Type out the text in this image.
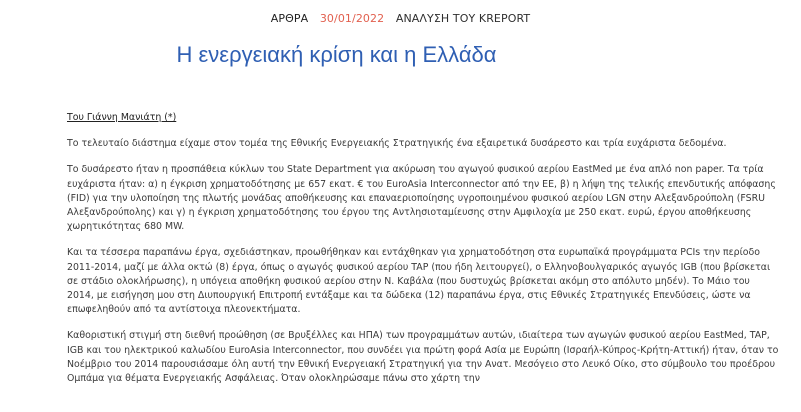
ΑΡΘΡΑ 30/01/2022 ΑΝΑΛΥΣΗ ΤΟΥ KREPORT
Η ενεργειακή κρίση και η Ελλάδα

Του Γιάννη Μανιάτη (*)

Το τελευταίο διάστημα είχαμε στον τομέα της Εθνικής Ενεργειακής Στρατηγικής ένα εξαιρετικά δυσάρεστο και τρία ευχάριστα δεδομένα.

Το δυσάρεστο ήταν η προσπάθεια κύκλων του State Department για ακύρωση του αγωγού φυσικού αερίου EastMed με ένα απλό non paper. Τα τρία ευχάριστα ήταν: α) η έγκριση χρηματοδότησης με 657 εκατ. € του EuroAsia Interconnector από την ΕΕ, β) η λήψη της τελικής επενδυτικής απόφασης (FID) για την υλοποίηση της πλωτής μονάδας αποθήκευσης και επαναεριοποίησης υγροποιημένου φυσικού αερίου LGN στην Αλεξανδρούπολη (FSRU Αλεξανδρούπολης) και γ) η έγκριση χρηματοδότησης του έργου της Αντλησιοταμίευσης στην Αμφιλοχία με 250 εκατ. ευρώ, έργου αποθήκευσης χωρητικότητας 680 MW.

Και τα τέσσερα παραπάνω έργα, σχεδιάστηκαν, προωθήθηκαν και εντάχθηκαν για χρηματοδότηση στα ευρωπαϊκά προγράμματα PCIs την περίοδο 2011-2014, μαζί με άλλα οκτώ (8) έργα, όπως ο αγωγός φυσικού αερίου TAP (που ήδη λειτουργεί), ο Ελληνοβουλγαρικός αγωγός IGB (που βρίσκεται σε στάδιο ολοκλήρωσης), η υπόγεια αποθήκη φυσικού αερίου στην Ν. Καβάλα (που δυστυχώς βρίσκεται ακόμη στο απόλυτο μηδέν). Το Μάιο του 2014, με εισήγηση μου στη Διυπουργική Επιτροπή εντάξαμε και τα δώδεκα (12) παραπάνω έργα, στις Εθνικές Στρατηγικές Επενδύσεις, ώστε να επωφεληθούν από τα αντίστοιχα πλεονεκτήματα.

Καθοριστική στιγμή στη διεθνή προώθηση (σε Βρυξέλλες και ΗΠΑ) των προγραμμάτων αυτών, ιδιαίτερα των αγωγών φυσικού αερίου EastMed, TAP, IGB και του ηλεκτρικού καλωδίου EuroAsia Interconnector, που συνδέει για πρώτη φορά Ασία με Ευρώπη (Ισραήλ-Κύπρος-Κρήτη-Αττική) ήταν, όταν το Νοέμβριο του 2014 παρουσιάσαμε όλη αυτή την Εθνική Ενεργειακή Στρατηγική για την Ανατ. Μεσόγειο στο Λευκό Οίκο, στο σύμβουλο του προέδρου Ομπάμα για θέματα Ενεργειακής Ασφάλειας. Όταν ολοκληρώσαμε πάνω στο χάρτη την
